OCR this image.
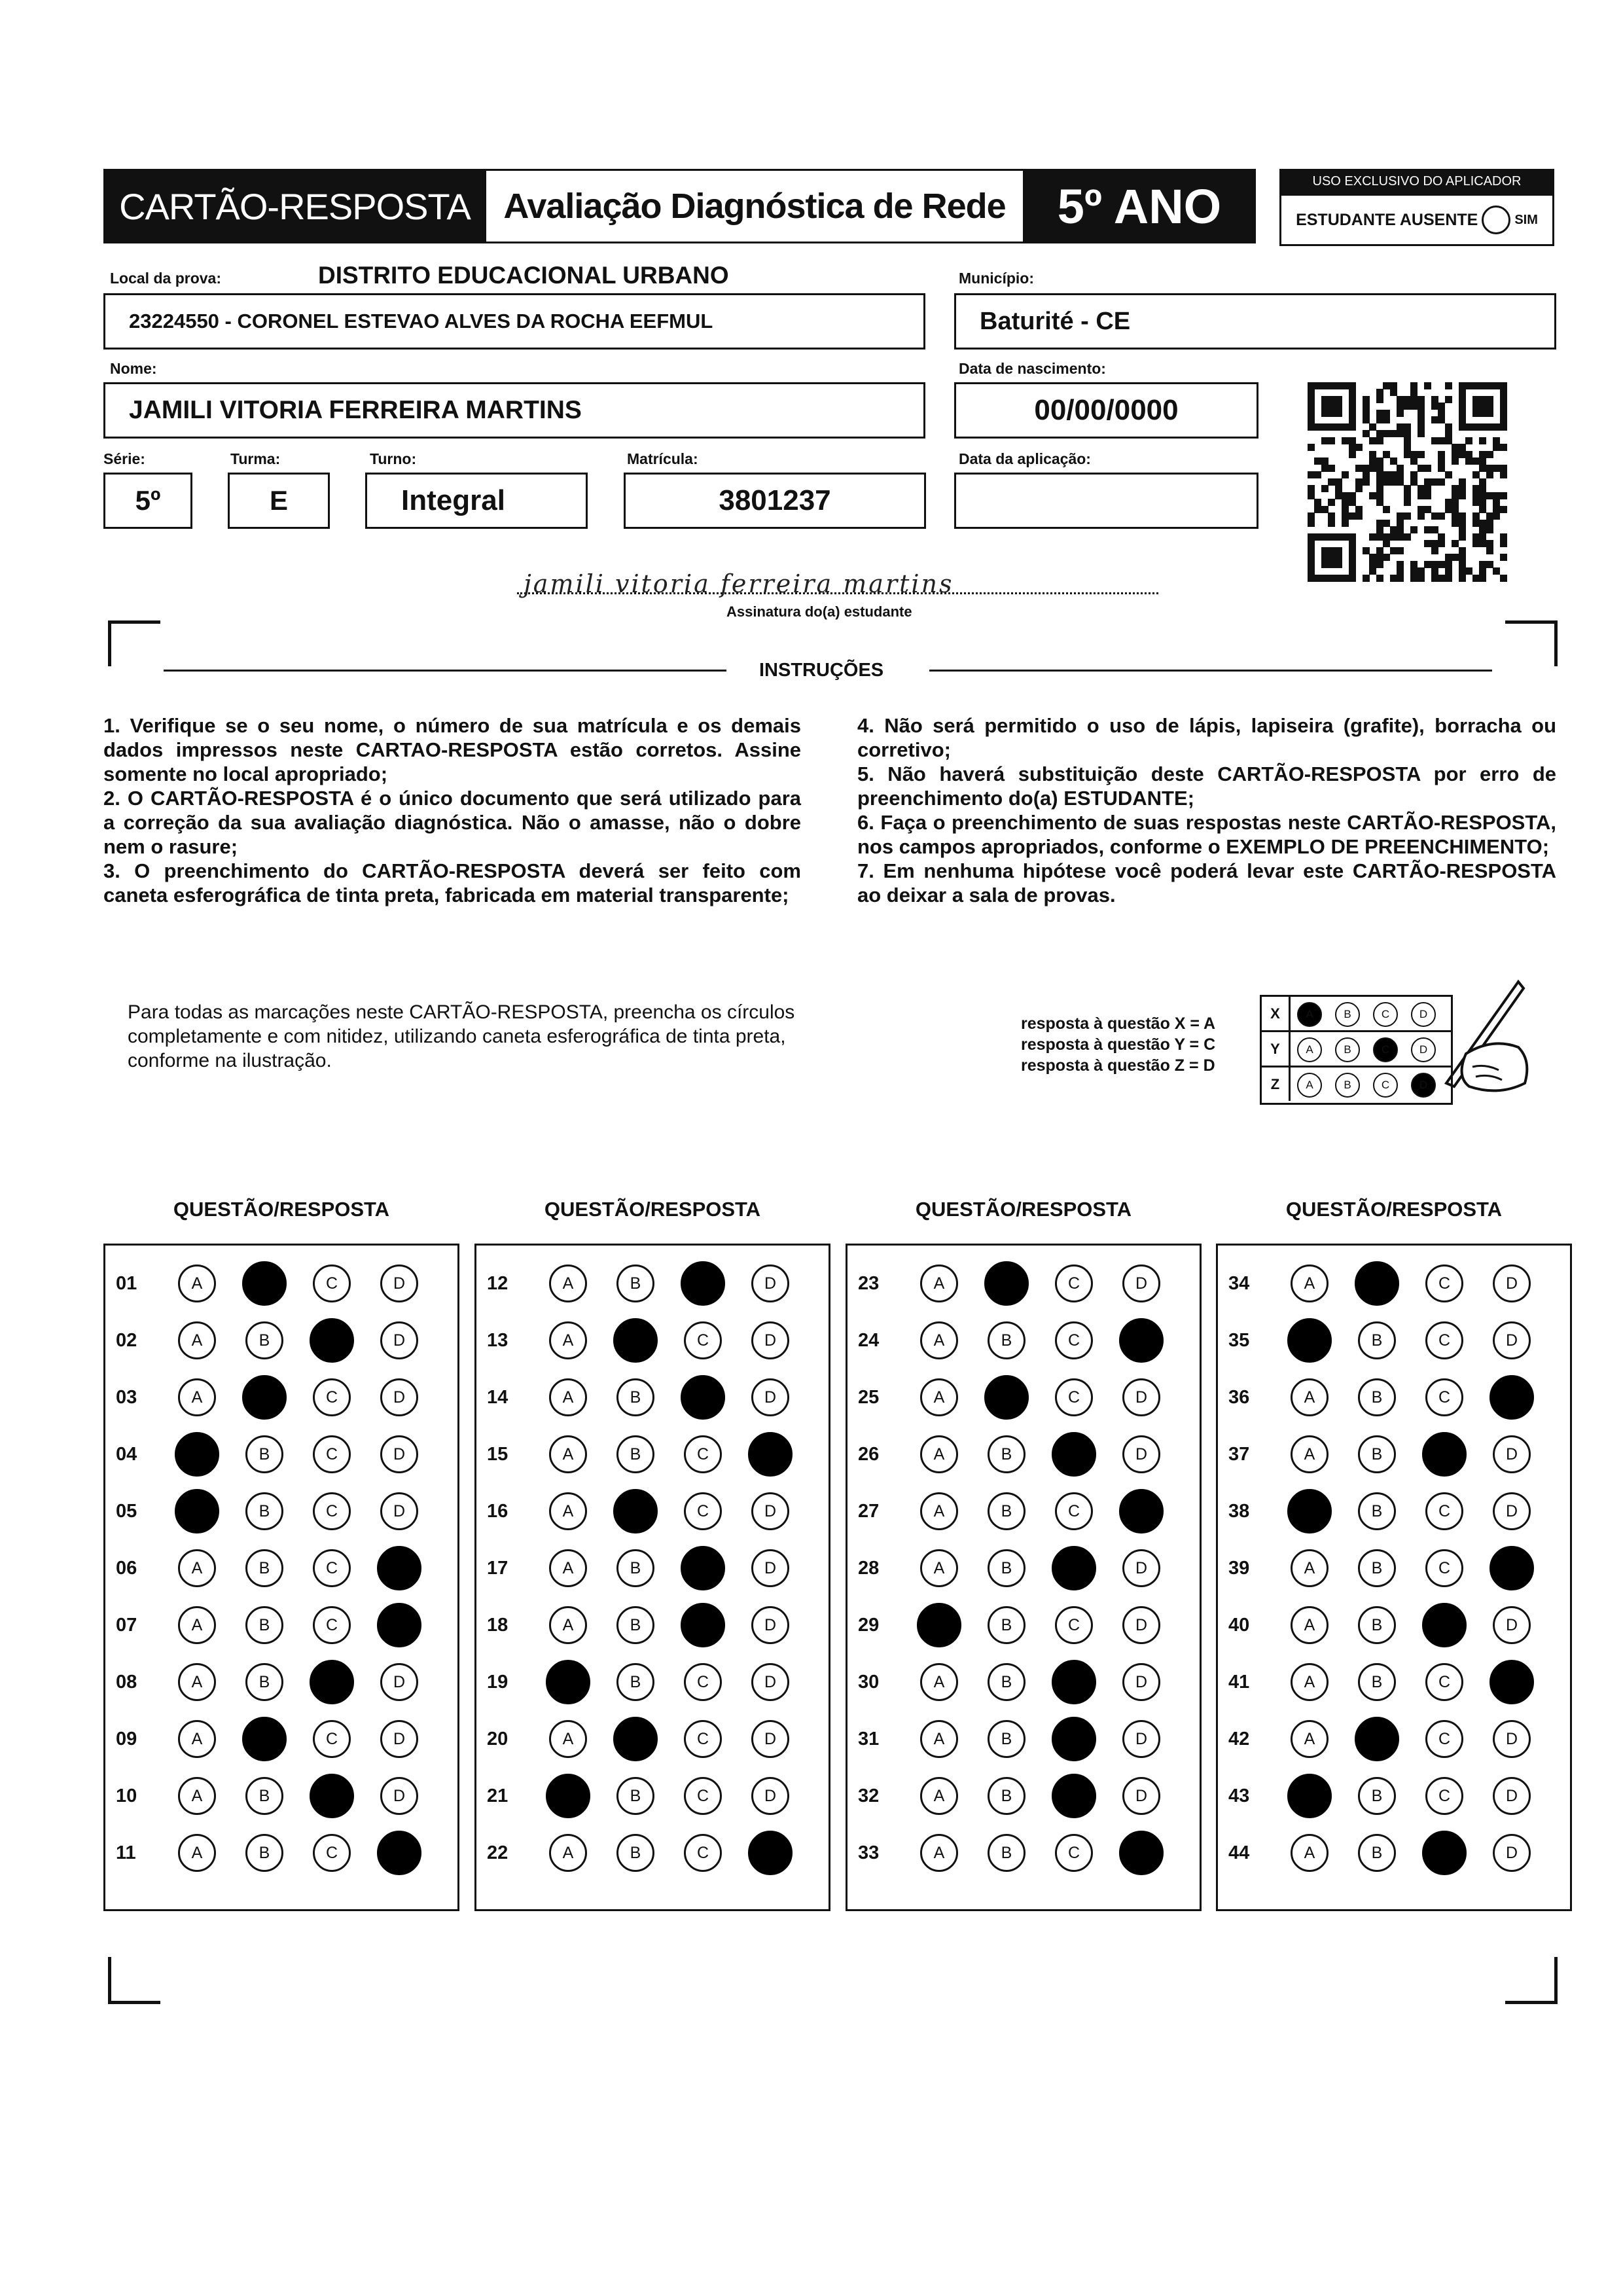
CARTÃO-RESPOSTA Avaliação Diagnóstica de Rede 5º ANO	USO EXCLUSIVO DO APLICADOR
ESTUDANTE AUSENTE	SIM
Local da prova:	DISTRITO EDUCACIONAL URBANO
23224550 - CORONEL ESTEVAO ALVES DA ROCHA EEFMUL
Município:
Baturité - CE
Nome:
JAMILI VITORIA FERREIRA MARTINS
Data de nascimento:
00/00/0000
Série:
5º
Turma:
E
Turno:
Integral
Matrícula:
3801237
Data da aplicação:
jamili vitoria ferreira martins
Assinatura do(a) estudante
INSTRUÇÕES
1. Verifique se o seu nome, o número de sua matrícula e os demais dados impressos neste CARTAO-RESPOSTA estão corretos. Assine somente no local apropriado;
2. O CARTÃO-RESPOSTA é o único documento que será utilizado para a correção da sua avaliação diagnóstica. Não o amasse, não o dobre nem o rasure;
3. O preenchimento do CARTÃO-RESPOSTA deverá ser feito com caneta esferográfica de tinta preta, fabricada em material transparente;
4. Não será permitido o uso de lápis, lapiseira (grafite), borracha ou corretivo;
5. Não haverá substituição deste CARTÃO-RESPOSTA por erro de preenchimento do(a) ESTUDANTE;
6. Faça o preenchimento de suas respostas neste CARTÃO-RESPOSTA, nos campos apropriados, conforme o EXEMPLO DE PREENCHIMENTO;
7. Em nenhuma hipótese você poderá levar este CARTÃO-RESPOSTA ao deixar a sala de provas.
Para todas as marcações neste CARTÃO-RESPOSTA, preencha os círculos completamente e com nitidez, utilizando caneta esferográfica de tinta preta, conforme na ilustração.
resposta à questão X = A
resposta à questão Y = C
resposta à questão Z = D
X	A	B	C	D
Y	A	B	C	D
Z	A	B	C	D
QUESTÃO/RESPOSTA
01	A	B	C	D
02	A	B	C	D
03	A	B	C	D
04	A	B	C	D
05	A	B	C	D
06	A	B	C	D
07	A	B	C	D
08	A	B	C	D
09	A	B	C	D
10	A	B	C	D
11	A	B	C	D
QUESTÃO/RESPOSTA
12	A	B	C	D
13	A	B	C	D
14	A	B	C	D
15	A	B	C	D
16	A	B	C	D
17	A	B	C	D
18	A	B	C	D
19	A	B	C	D
20	A	B	C	D
21	A	B	C	D
22	A	B	C	D
QUESTÃO/RESPOSTA
23	A	B	C	D
24	A	B	C	D
25	A	B	C	D
26	A	B	C	D
27	A	B	C	D
28	A	B	C	D
29	A	B	C	D
30	A	B	C	D
31	A	B	C	D
32	A	B	C	D
33	A	B	C	D
QUESTÃO/RESPOSTA
34	A	B	C	D
35	A	B	C	D
36	A	B	C	D
37	A	B	C	D
38	A	B	C	D
39	A	B	C	D
40	A	B	C	D
41	A	B	C	D
42	A	B	C	D
43	A	B	C	D
44	A	B	C	D
